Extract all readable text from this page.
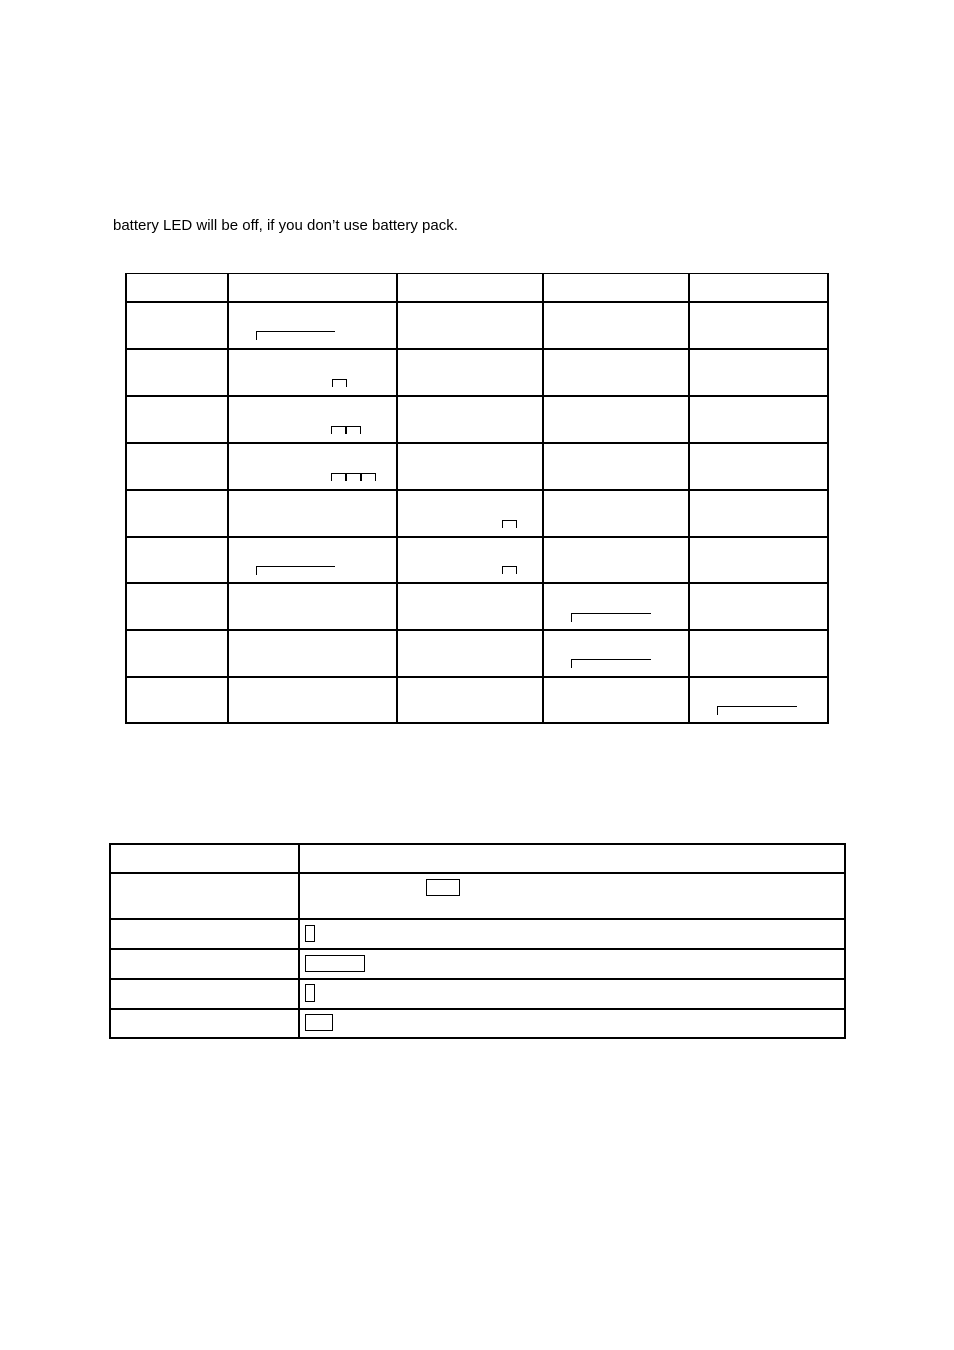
battery LED will be off, if you don’t use battery pack.
